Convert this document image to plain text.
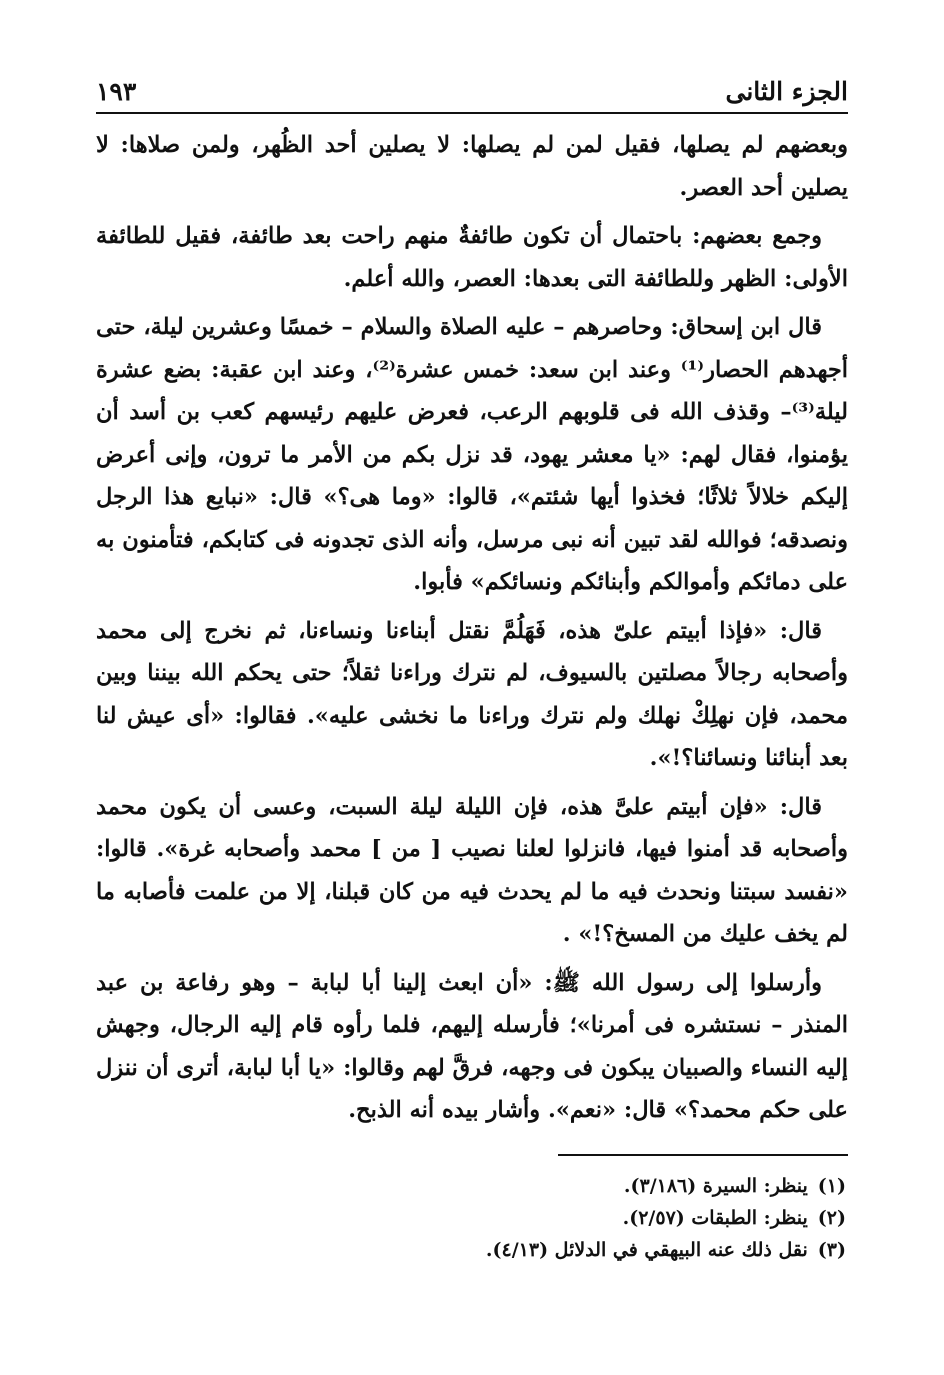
الجزء الثانى
١٩٣

وبعضهم لم يصلها، فقيل لمن لم يصلها: لا يصلين أحد الظُهر، ولمن صلاها: لا يصلين أحد العصر.

وجمع بعضهم: باحتمال أن تكون طائفةٌ منهم راحت بعد طائفة، فقيل للطائفة الأولى: الظهر وللطائفة التى بعدها: العصر، والله أعلم.

قال ابن إسحاق: وحاصرهم – عليه الصلاة والسلام – خمسًا وعشرين ليلة، حتى أجهدهم الحصار⁽¹⁾ وعند ابن سعد: خمس عشرة⁽²⁾، وعند ابن عقبة: بضع عشرة ليلة⁽³⁾– وقذف الله فى قلوبهم الرعب، فعرض عليهم رئيسهم كعب بن أسد أن يؤمنوا، فقال لهم: «يا معشر يهود، قد نزل بكم من الأمر ما ترون، وإنى أعرض إليكم خلالاً ثلاثًا؛ فخذوا أيها شئتم»، قالوا: «وما هى؟» قال: «نبايع هذا الرجل ونصدقه؛ فوالله لقد تبين أنه نبى مرسل، وأنه الذى تجدونه فى كتابكم، فتأمنون به على دمائكم وأموالكم وأبنائكم ونسائكم» فأبوا.

قال: «فإذا أبيتم علىّ هذه، فَهَلُمَّ نقتل أبناءنا ونساءنا، ثم نخرج إلى محمد وأصحابه رجالاً مصلتين بالسيوف، لم نترك وراءنا ثقلاً؛ حتى يحكم الله بيننا وبين محمد، فإن نهلِكْ نهلك ولم نترك وراءنا ما نخشى عليه». فقالوا: «أى عيش لنا بعد أبنائنا ونسائنا؟!».

قال: «فإن أبيتم علىَّ هذه، فإن الليلة ليلة السبت، وعسى أن يكون محمد وأصحابه قد أمنوا فيها، فانزلوا لعلنا نصيب [ من ] محمد وأصحابه غرة». قالوا: «نفسد سبتنا ونحدث فيه ما لم يحدث فيه من كان قبلنا، إلا من علمت فأصابه ما لم يخف عليك من المسخ؟!» .

وأرسلوا إلى رسول الله ﷺ: «أن ابعث إلينا أبا لبابة – وهو رفاعة بن عبد المنذر – نستشره فى أمرنا»؛ فأرسله إليهم، فلما رأوه قام إليه الرجال، وجهش إليه النساء والصبيان يبكون فى وجهه، فرقَّ لهم وقالوا: «يا أبا لبابة، أترى أن ننزل على حكم محمد؟» قال: «نعم». وأشار بيده أنه الذبح.

(١)ينظر: السيرة (٣/١٨٦).

(٢)ينظر: الطبقات (٢/٥٧).

(٣)نقل ذلك عنه البيهقي في الدلائل (٤/١٣).
